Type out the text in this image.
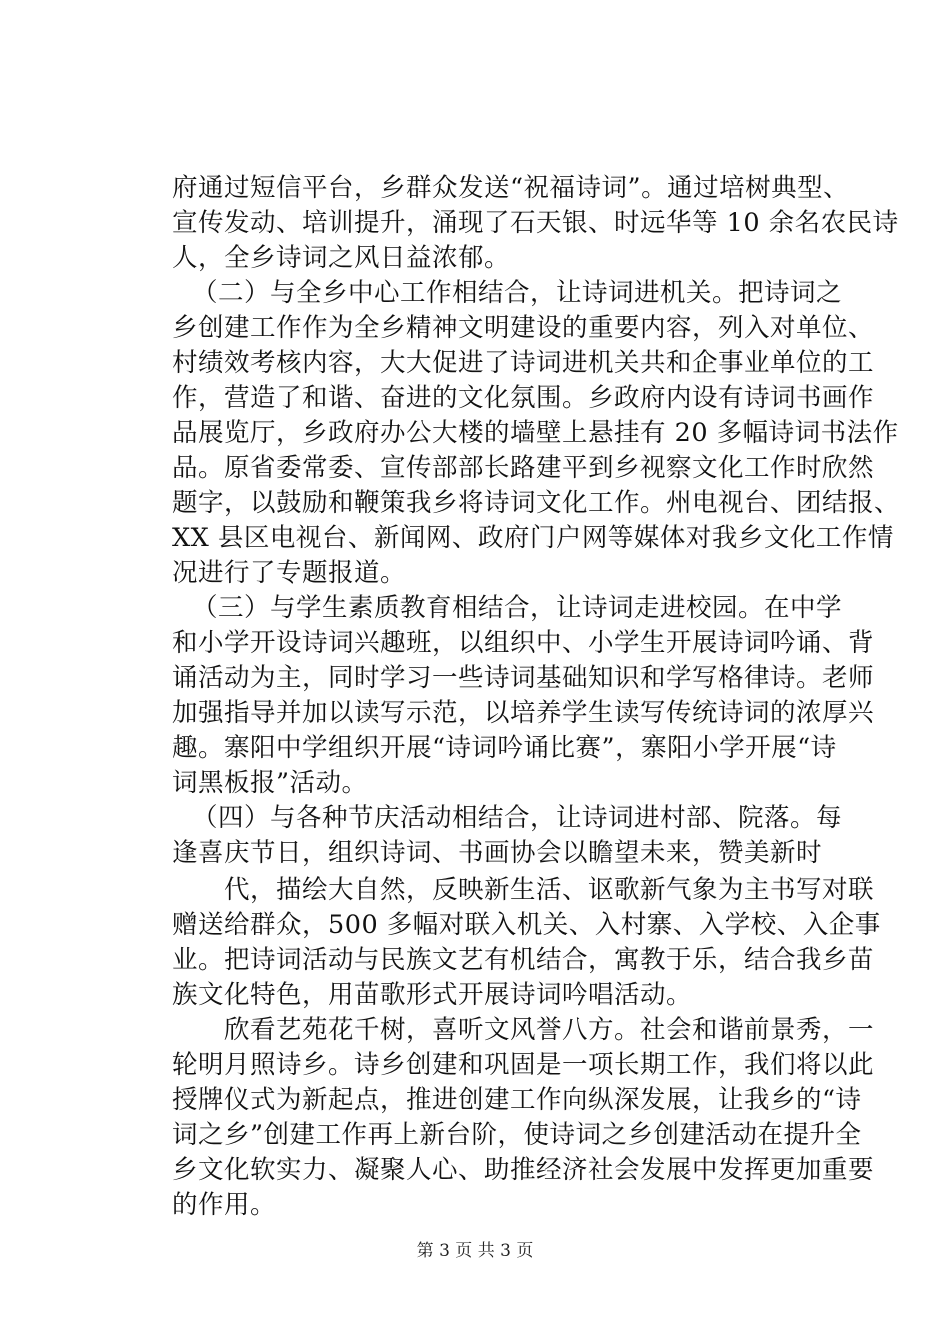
府通过短信平台，乡群众发送“祝福诗词”。通过培树典型、
宣传发动、培训提升，涌现了石天银、时远华等 10 余名农民诗
人，全乡诗词之风日益浓郁。
（二）与全乡中心工作相结合，让诗词进机关。把诗词之
乡创建工作作为全乡精神文明建设的重要内容，列入对单位、
村绩效考核内容，大大促进了诗词进机关共和企事业单位的工
作，营造了和谐、奋进的文化氛围。乡政府内设有诗词书画作
品展览厅，乡政府办公大楼的墙壁上悬挂有 20 多幅诗词书法作
品。原省委常委、宣传部部长路建平到乡视察文化工作时欣然
题字，以鼓励和鞭策我乡将诗词文化工作。州电视台、团结报、
XX 县区电视台、新闻网、政府门户网等媒体对我乡文化工作情
况进行了专题报道。
（三）与学生素质教育相结合，让诗词走进校园。在中学
和小学开设诗词兴趣班，以组织中、小学生开展诗词吟诵、背
诵活动为主，同时学习一些诗词基础知识和学写格律诗。老师
加强指导并加以读写示范，以培养学生读写传统诗词的浓厚兴
趣。寨阳中学组织开展“诗词吟诵比赛”，寨阳小学开展“诗
词黑板报”活动。
（四）与各种节庆活动相结合，让诗词进村部、院落。每
逢喜庆节日，组织诗词、书画协会以瞻望未来，赞美新时
代，描绘大自然，反映新生活、讴歌新气象为主书写对联
赠送给群众，500 多幅对联入机关、入村寨、入学校、入企事
业。把诗词活动与民族文艺有机结合，寓教于乐，结合我乡苗
族文化特色，用苗歌形式开展诗词吟唱活动。
欣看艺苑花千树，喜听文风誉八方。社会和谐前景秀，一
轮明月照诗乡。诗乡创建和巩固是一项长期工作，我们将以此
授牌仪式为新起点，推进创建工作向纵深发展，让我乡的“诗
词之乡”创建工作再上新台阶，使诗词之乡创建活动在提升全
乡文化软实力、凝聚人心、助推经济社会发展中发挥更加重要
的作用。
第 3 页 共 3 页
